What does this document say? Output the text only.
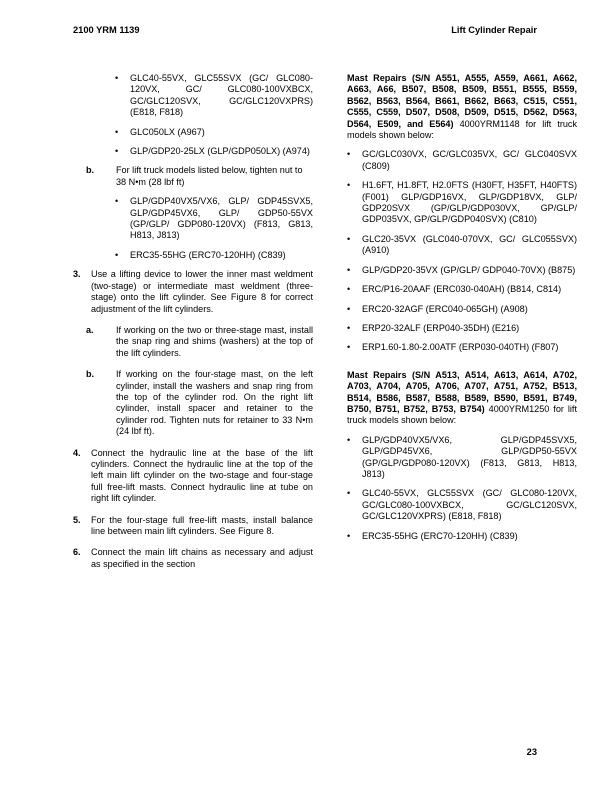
2100 YRM 1139	Lift Cylinder Repair
• GLC40-55VX, GLC55SVX (GC/ GLC080-120VX, GC/ GLC080-100VXBCX, GC/GLC120SVX, GC/GLC120VXPRS) (E818, F818)
• GLC050LX (A967)
• GLP/GDP20-25LX (GLP/GDP050LX) (A974)
b. For lift truck models listed below, tighten nut to 38 N•m (28 lbf ft)

• GLP/GDP40VX5/VX6, GLP/ GDP45SVX5, GLP/GDP45VX6, GLP/ GDP50-55VX (GP/GLP/ GDP080-120VX) (F813, G813, H813, J813)
• ERC35-55HG (ERC70-120HH) (C839)
3. Use a lifting device to lower the inner mast weldment (two-stage) or intermediate mast weldment (three-stage) onto the lift cylinder. See Figure 8 for correct adjustment of the lift cylinders.

a. If working on the two or three-stage mast, install the snap ring and shims (washers) at the top of the lift cylinders.

b. If working on the four-stage mast, on the left cylinder, install the washers and snap ring from the top of the cylinder rod. On the right lift cylinder, install spacer and retainer to the cylinder rod. Tighten nuts for retainer to 33 N•m (24 lbf ft).

4. Connect the hydraulic line at the base of the lift cylinders. Connect the hydraulic line at the top of the left main lift cylinder on the two-stage and four-stage full free-lift masts. Connect hydraulic line at tube on right lift cylinder.

5. For the four-stage full free-lift masts, install balance line between main lift cylinders. See Figure 8.

6. Connect the main lift chains as necessary and adjust as specified in the section

Mast Repairs (S/N A551, A555, A559, A661, A662, A663, A66, B507, B508, B509, B551, B555, B559, B562, B563, B564, B661, B662, B663, C515, C551, C555, C559, D507, D508, D509, D515, D562, D563, D564, E509, and E564) 4000YRM1148 for lift truck models shown below:

• GC/GLC030VX, GC/GLC035VX, GC/ GLC040SVX (C809)
• H1.6FT, H1.8FT, H2.0FTS (H30FT, H35FT, H40FTS) (F001) GLP/GDP16VX, GLP/GDP18VX, GLP/ GDP20SVX (GP/GLP/GDP030VX, GP/GLP/ GDP035VX, GP/GLP/GDP040SVX) (C810)
• GLC20-35VX (GLC040-070VX, GC/ GLC055SVX) (A910)
• GLP/GDP20-35VX (GP/GLP/ GDP040-70VX) (B875)
• ERC/P16-20AAF (ERC030-040AH) (B814, C814)
• ERC20-32AGF (ERC040-065GH) (A908)
• ERP20-32ALF (ERP040-35DH) (E216)
• ERP1.60-1.80-2.00ATF (ERP030-040TH) (F807)

Mast Repairs (S/N A513, A514, A613, A614, A702, A703, A704, A705, A706, A707, A751, A752, B513, B514, B586, B587, B588, B589, B590, B591, B749, B750, B751, B752, B753, B754) 4000YRM1250 for lift truck models shown below:

• GLP/GDP40VX5/VX6, GLP/GDP45SVX5, GLP/GDP45VX6, GLP/GDP50-55VX (GP/GLP/GDP080-120VX) (F813, G813, H813, J813)
• GLC40-55VX, GLC55SVX (GC/ GLC080-120VX, GC/GLC080-100VXBCX, GC/GLC120SVX, GC/GLC120VXPRS) (E818, F818)
• ERC35-55HG (ERC70-120HH) (C839)
23
